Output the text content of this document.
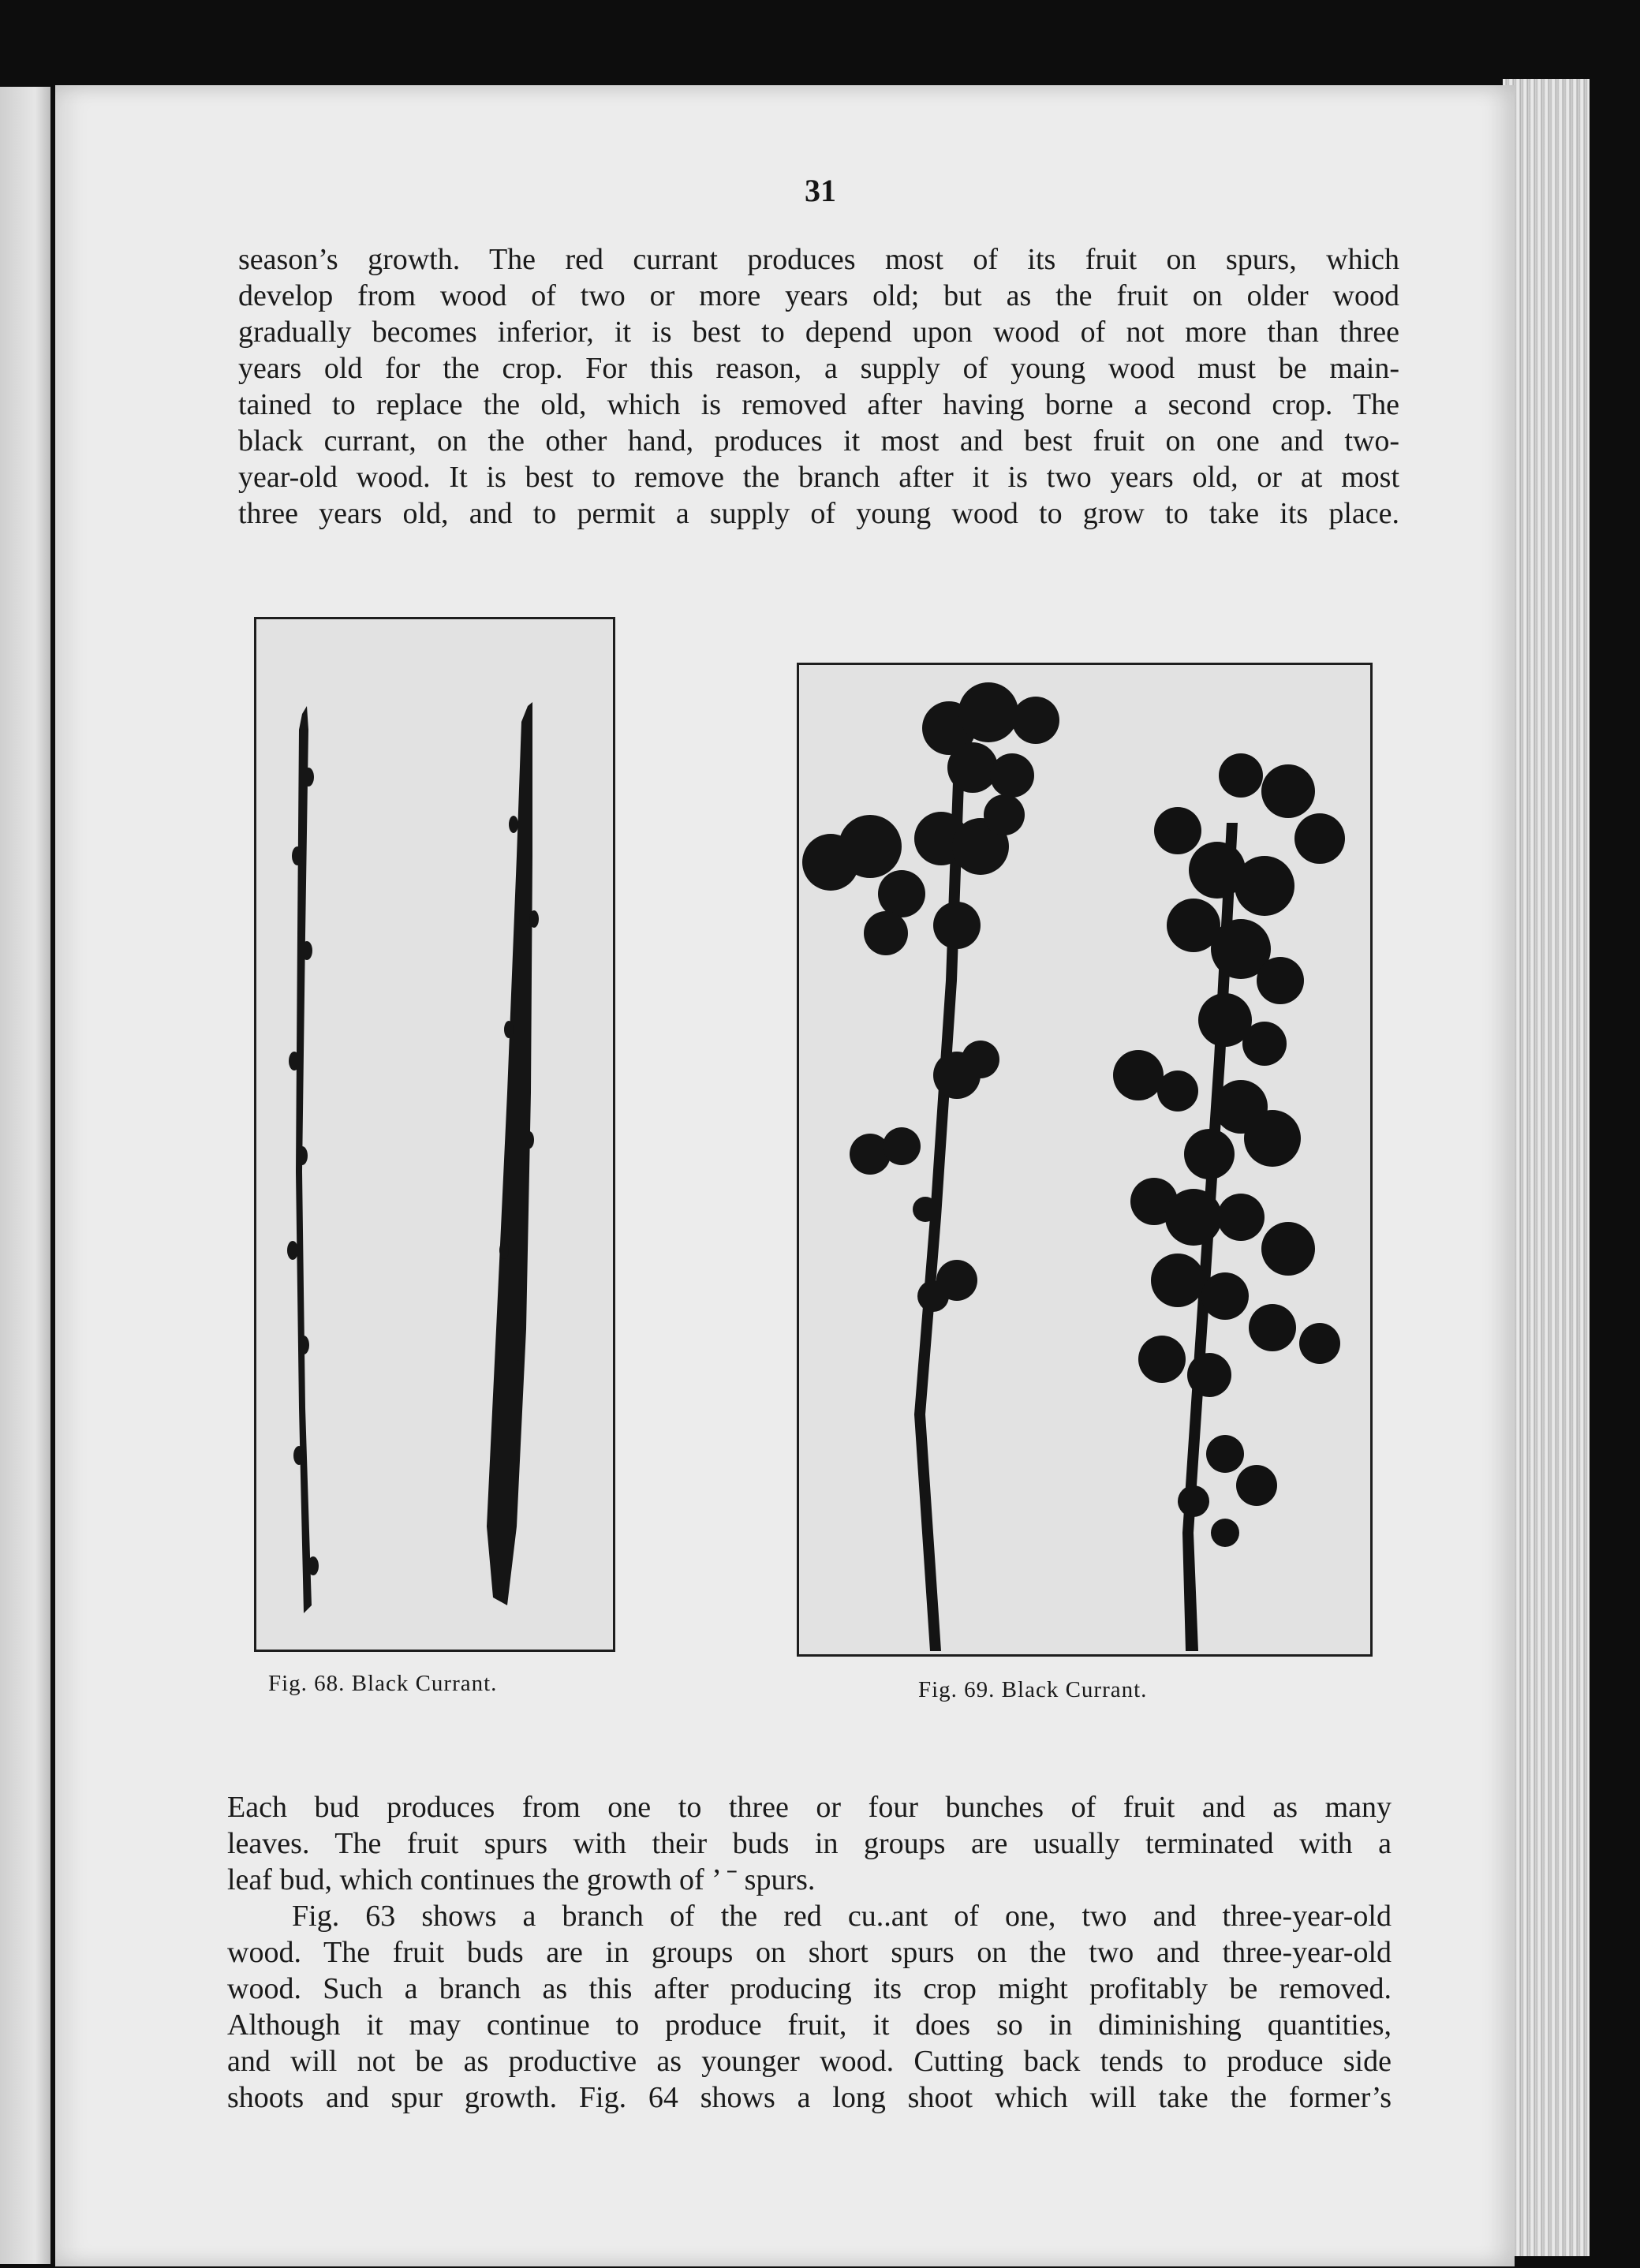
31

season’s growth. The red currant produces most of its fruit on spurs, which
develop from wood of two or more years old; but as the fruit on older wood
gradually becomes inferior, it is best to depend upon wood of not more than three
years old for the crop. For this reason, a supply of young wood must be main-
tained to replace the old, which is removed after having borne a second crop. The
black currant, on the other hand, produces it most and best fruit on one and two-
year-old wood. It is best to remove the branch after it is two years old, or at most
three years old, and to permit a supply of young wood to grow to take its place.

Fig. 68. Black Currant.	Fig. 69. Black Currant.

Each bud produces from one to three or four bunches of fruit and as many
leaves. The fruit spurs with their buds in groups are usually terminated with a
leaf bud, which continues the growth of ’ ˉ spurs.
Fig. 63 shows a branch of the red cu..ant of one, two and three-year-old
wood. The fruit buds are in groups on short spurs on the two and three-year-old
wood. Such a branch as this after producing its crop might profitably be removed.
Although it may continue to produce fruit, it does so in diminishing quantities,
and will not be as productive as younger wood. Cutting back tends to produce side
shoots and spur growth. Fig. 64 shows a long shoot which will take the former’s
